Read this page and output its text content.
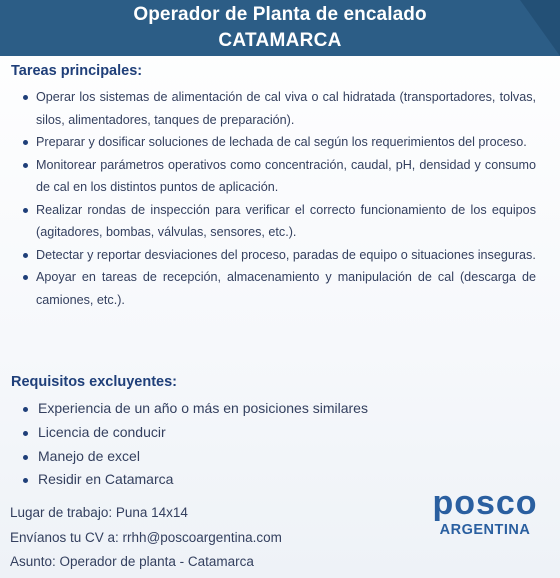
Operador de Planta de encalado
CATAMARCA
Tareas principales:
Operar los sistemas de alimentación de cal viva o cal hidratada (transportadores, tolvas, silos, alimentadores, tanques de preparación).
Preparar y dosificar soluciones de lechada de cal según los requerimientos del proceso.
Monitorear parámetros operativos como concentración, caudal, pH, densidad y consumo de cal en los distintos puntos de aplicación.
Realizar rondas de inspección para verificar el correcto funcionamiento de los equipos (agitadores, bombas, válvulas, sensores, etc.).
Detectar y reportar desviaciones del proceso, paradas de equipo o situaciones inseguras.
Apoyar en tareas de recepción, almacenamiento y manipulación de cal (descarga de camiones, etc.).
Requisitos excluyentes:
Experiencia de un año o más en posiciones similares
Licencia de conducir
Manejo de excel
Residir en Catamarca
Lugar de trabajo: Puna 14x14
Envíanos tu CV a: rrhh@poscoargentina.com
Asunto: Operador de planta - Catamarca
posco
ARGENTINA
